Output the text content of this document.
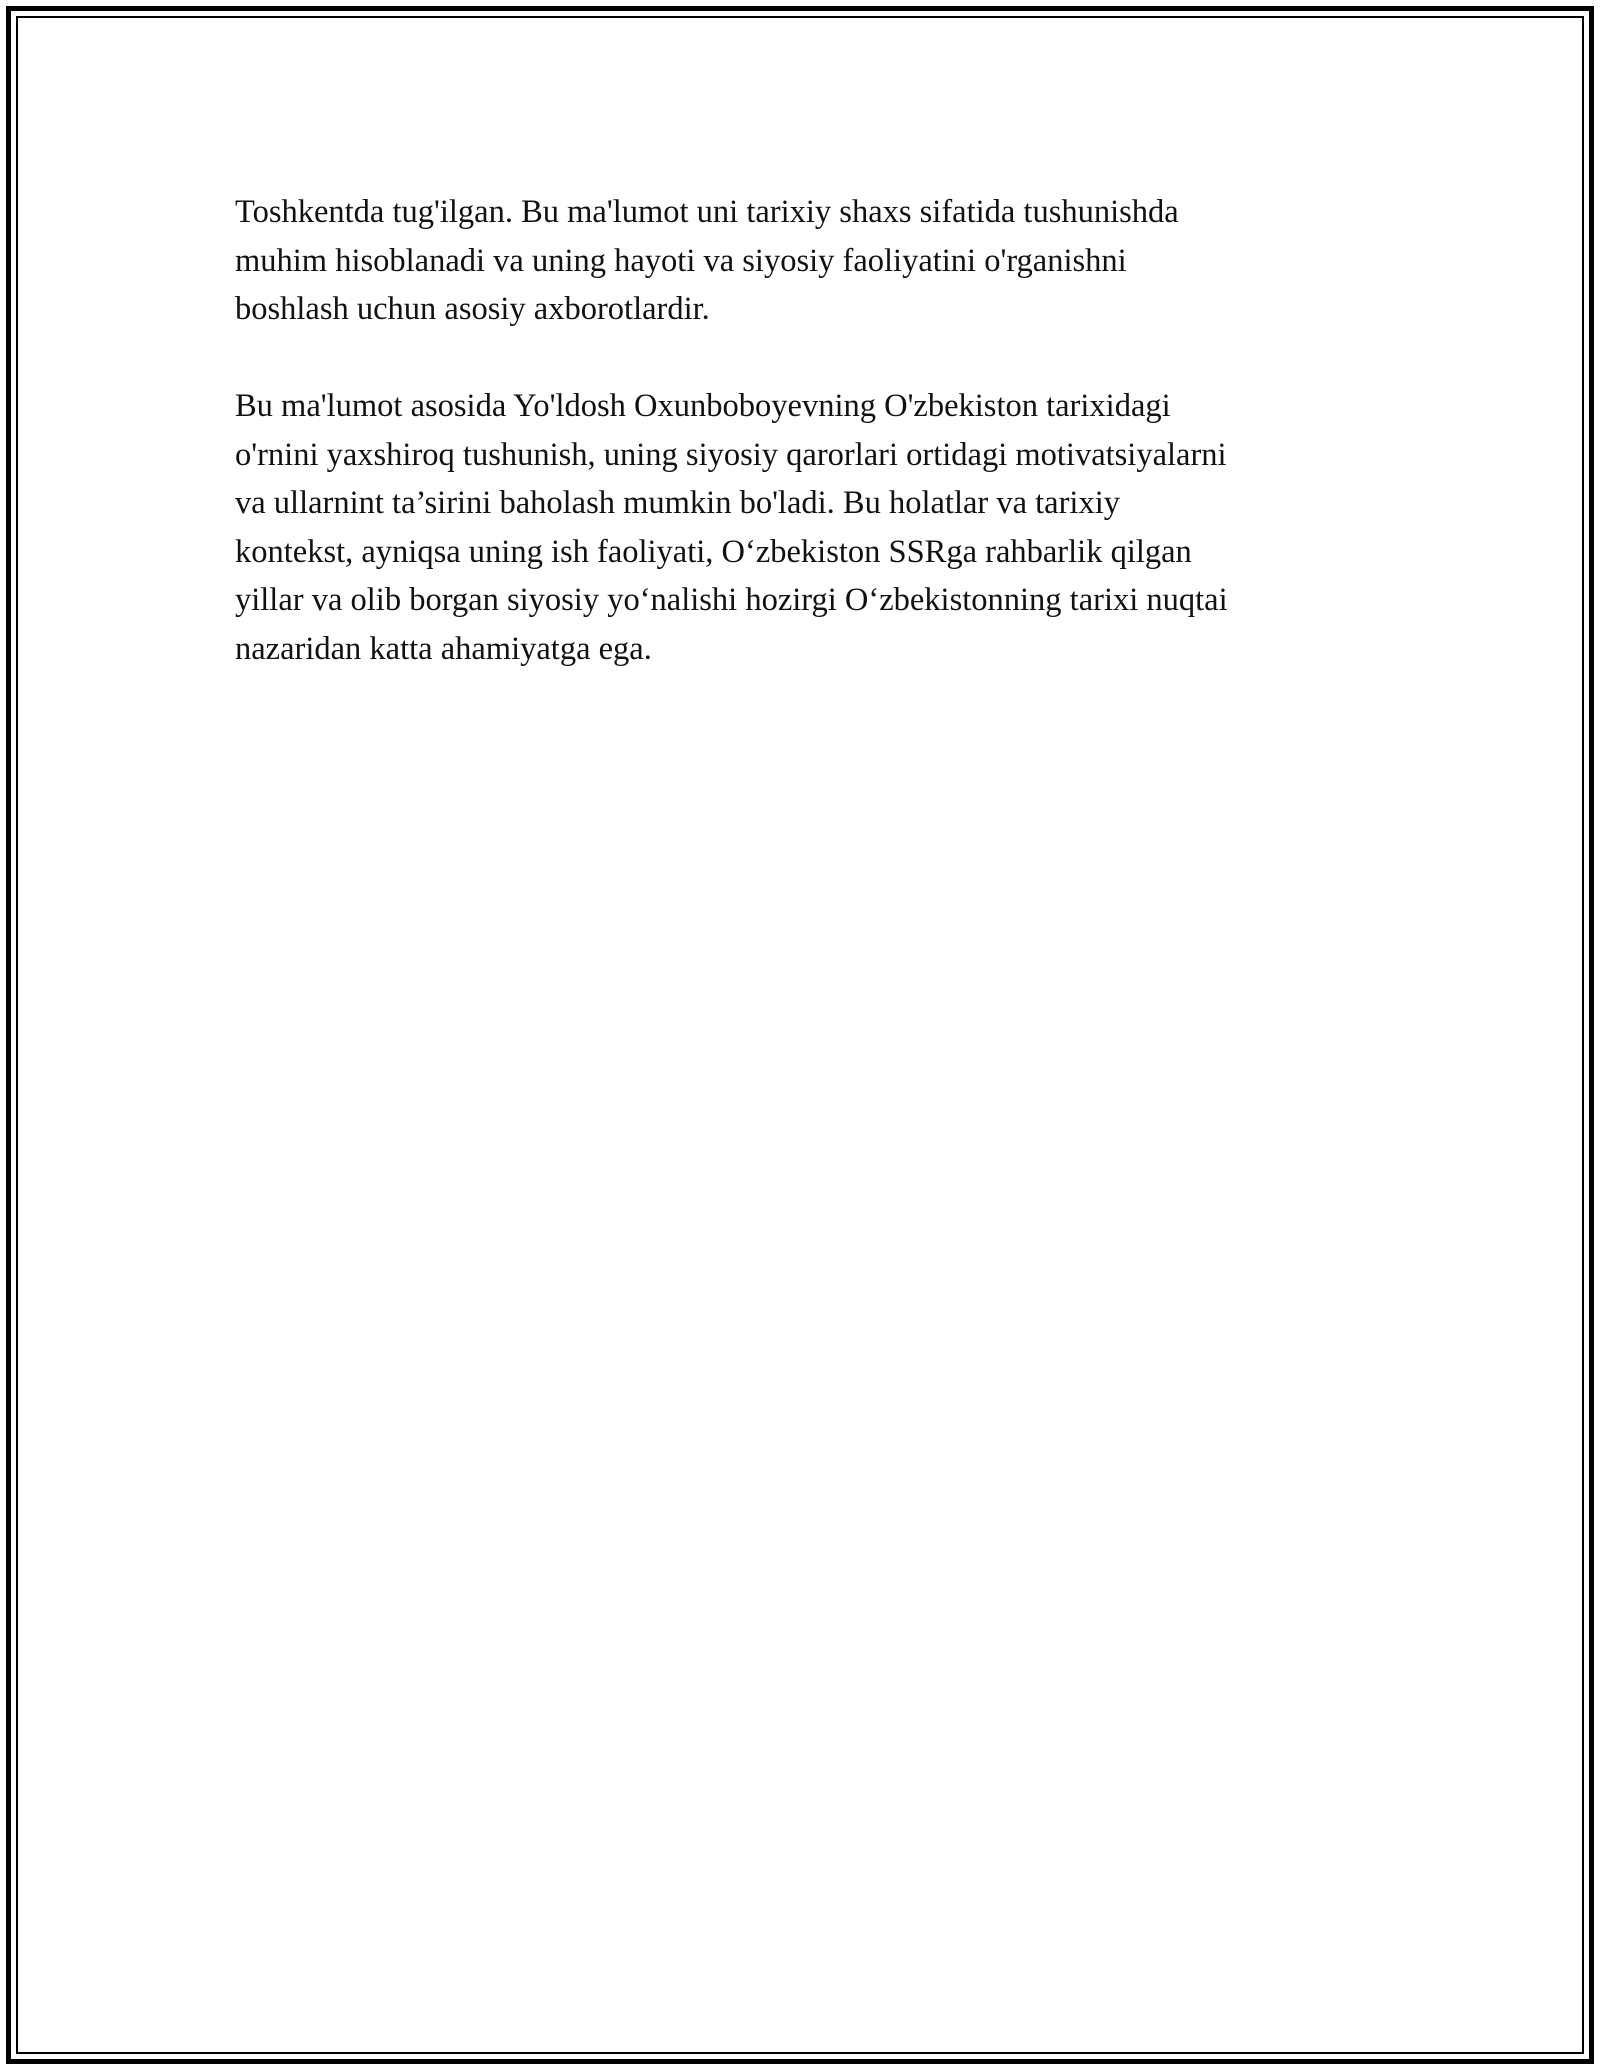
Toshkentda tug'ilgan. Bu ma'lumot uni tarixiy shaxs sifatida tushunishda
muhim hisoblanadi va uning hayoti va siyosiy faoliyatini o'rganishni
boshlash uchun asosiy axborotlardir.

Bu ma'lumot asosida Yo'ldosh Oxunboboyevning O'zbekiston tarixidagi
o'rnini yaxshiroq tushunish, uning siyosiy qarorlari ortidagi motivatsiyalarni
va ullarnint ta’sirini baholash mumkin bo'ladi. Bu holatlar va tarixiy
kontekst, ayniqsa uning ish faoliyati, O‘zbekiston SSRga rahbarlik qilgan
yillar va olib borgan siyosiy yo‘nalishi hozirgi O‘zbekistonning tarixi nuqtai
nazaridan katta ahamiyatga ega.
